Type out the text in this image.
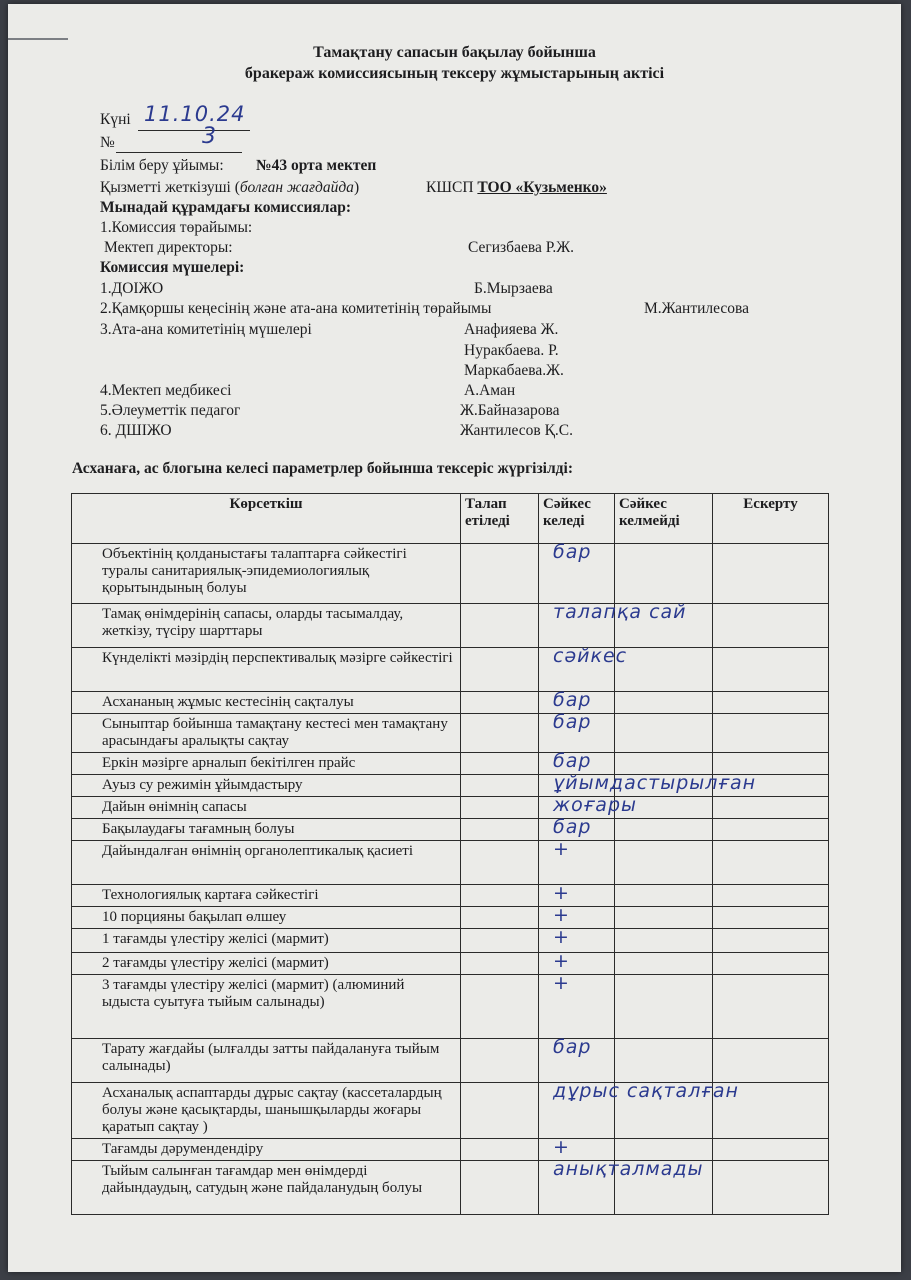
Тамақтану сапасын бақылау бойынша
бракераж комиссиясының тексеру жұмыстарының актісі
Күні 11.10.24
№	3
Білім беру ұйымы: №43 орта мектеп
Қызметті жеткізуші (болған жағдайда)	КШСП ТОО «Кузьменко»
Мынадай құрамдағы комиссиялар:
1.Комиссия төрайымы:
Мектеп директоры:	Сегизбаева Р.Ж.
Комиссия мүшелері:
1.ДОІЖО	Б.Мырзаева
2.Қамқоршы кеңесінің және ата-ана комитетінің төрайымы	М.Жантилесова
3.Ата-ана комитетінің мүшелері	Анафияева Ж.
Нуракбаева. Р.
Маркабаева.Ж.
4.Мектеп медбикесі	А.Аман
5.Әлеуметтік педагог	Ж.Байназарова
6. ДШІЖО	Жантилесов Қ.С.
Асханаға, ас блогына келесі параметрлер бойынша тексеріс жүргізілді:
Көрсеткіш	Талап етіледі	Сәйкес келеді	Сәйкес келмейді	Ескерту
Объектінің қолданыстағы талаптарға сәйкестігі туралы санитариялық-эпидемиологиялық қорытындының болуы		бар		

Тамақ өнімдерінің сапасы, оларды тасымалдау, жеткізу, түсіру шарттары		талапқа сай		

Күнделікті мәзірдің перспективалық мәзірге сәйкестігі		сәйкес		

Асхананың жұмыс кестесінің сақталуы		бар		

Сыныптар бойынша тамақтану кестесі мен тамақтану арасындағы аралықты сақтау		бар		

Еркін мәзірге арналып бекітілген прайс		бар		

Ауыз су режимін ұйымдастыру		ұйымдастырылған		

Дайын өнімнің сапасы		жоғары		

Бақылаудағы тағамның болуы		бар		

Дайындалған өнімнің органолептикалық қасиеті		+		

Технологиялық картаға сәйкестігі		+		

10 порцияны бақылап өлшеу		+		

1 тағамды үлестіру желісі (мармит)		+		

2 тағамды үлестіру желісі (мармит)		+		

3 тағамды үлестіру желісі (мармит) (алюминий ыдыста суытуға тыйым салынады)		+		

Тарату жағдайы (ылғалды затты пайдалануға тыйым салынады)		бар		

Асханалық аспаптарды дұрыс сақтау (кассеталардың болуы және қасықтарды, шанышқыларды жоғары қаратып сақтау )		дұрыс сақталған		

Тағамды дәрумендендіру		+		

Тыйым салынған тағамдар мен өнімдерді дайындаудың, сатудың және пайдаланудың болуы		анықталмады		
